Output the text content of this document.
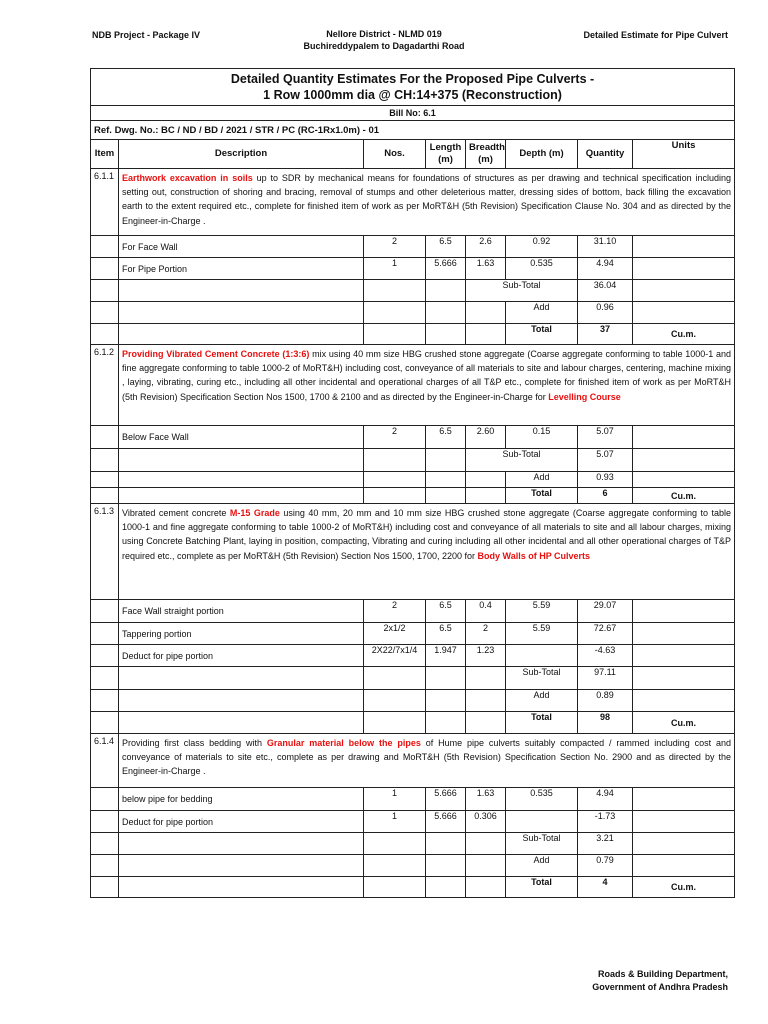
NDB Project - Package IV	Nellore District - NLMD 019
Buchireddypalem to Dagadarthi Road
Detailed Estimate for Pipe Culvert
Detailed Quantity Estimates For the Proposed Pipe Culverts -
1 Row 1000mm dia @ CH:14+375 (Reconstruction)							

Bill No: 6.1							
Ref. Dwg. No.: BC / ND / BD / 2021 / STR / PC (RC-1Rx1.0m) - 01							
Item	Description	Nos.	Length (m)	Breadth (m)	Depth (m)	Quantity	Units
6.1.1	Earthwork excavation in soils up to SDR by mechanical means for foundations of structures as per drawing and technical specification including setting out, construction of shoring and bracing, removal of stumps and other deleterious matter, dressing sides of bottom, back filling the excavation earth to the extent required etc., complete for finished item of work as per MoRT&H (5th Revision) Specification Clause No. 304 and as directed by the Engineer-in-Charge .						
	For Face Wall	2	6.5	2.6	0.92	31.10	
	For Pipe Portion	1	5.666	1.63	0.535	4.94	
				Sub-Total		36.04	
					Add	0.96	
					Total	37	Cu.m.
6.1.2	Providing Vibrated Cement Concrete (1:3:6) mix using 40 mm size HBG crushed stone aggregate (Coarse aggregate conforming to table 1000-1 and fine aggregate conforming to table 1000-2 of MoRT&H) including cost, conveyance of all materials to site and labour charges, centering, machine mixing , laying, vibrating, curing etc., including all other incidental and operational charges of all T&P etc., complete for finished item of work as per MoRT&H (5th Revision) Specification Section Nos 1500, 1700 & 2100 and as directed by the Engineer-in-Charge for Levelling Course						
	Below Face Wall	2	6.5	2.60	0.15	5.07	
				Sub-Total		5.07	
					Add	0.93	
					Total	6	Cu.m.
6.1.3	Vibrated cement concrete M-15 Grade using 40 mm, 20 mm and 10 mm size HBG crushed stone aggregate (Coarse aggregate conforming to table 1000-1 and fine aggregate conforming to table 1000-2 of MoRT&H) including cost and conveyance of all materials to site and all labour charges, mixing using Concrete Batching Plant, laying in position, compacting, Vibrating and curing including all other incidental and all other operational charges of T&P required etc., complete as per MoRT&H (5th Revision) Section Nos 1500, 1700, 2200 for Body Walls of HP Culverts						
	Face Wall straight portion	2	6.5	0.4	5.59	29.07	
	Tappering portion	2x1/2	6.5	2	5.59	72.67	
	Deduct for pipe portion	2X22/7x1/4	1.947	1.23		-4.63	
					Sub-Total	97.11	
					Add	0.89	
					Total	98	Cu.m.
6.1.4	Providing first class bedding with Granular material below the pipes of Hume pipe culverts suitably compacted / rammed including cost and conveyance of materials to site etc., complete as per drawing and MoRT&H (5th Revision) Specification Section No. 2900 and as directed by the Engineer-in-Charge .						
	below pipe for bedding	1	5.666	1.63	0.535	4.94	
	Deduct for pipe portion	1	5.666	0.306		-1.73	
					Sub-Total	3.21	
					Add	0.79	
					Total	4	Cu.m.
Roads & Building Department,
Government of Andhra Pradesh
